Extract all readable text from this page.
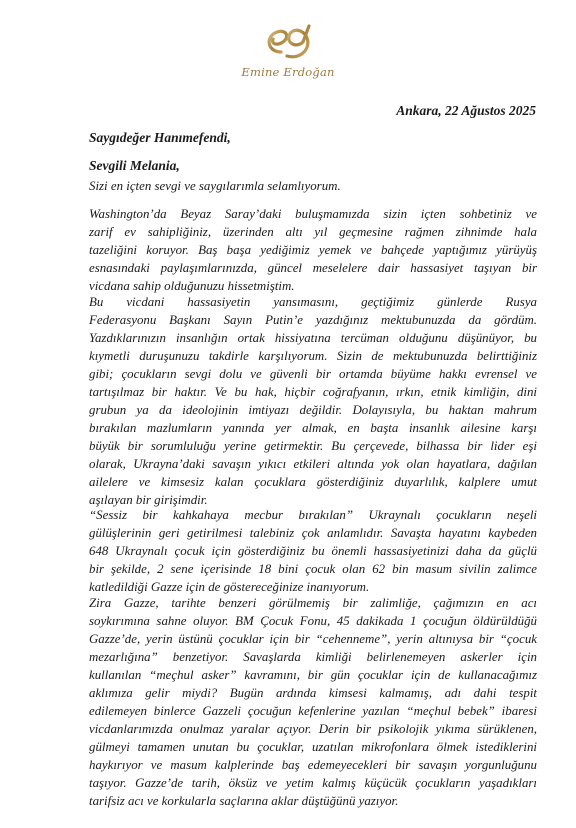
Emine Erdoğan
Ankara, 22 Ağustos 2025
Saygıdeğer Hanımefendi,
Sevgili Melania,
Sizi en içten sevgi ve saygılarımla selamlıyorum.
Washington’da Beyaz Saray’daki buluşmamızda sizin içten sohbetiniz ve
zarif ev sahipliğiniz, üzerinden altı yıl geçmesine rağmen zihnimde hala
tazeliğini koruyor. Baş başa yediğimiz yemek ve bahçede yaptığımız yürüyüş
esnasındaki paylaşımlarınızda, güncel meselelere dair hassasiyet taşıyan bir
vicdana sahip olduğunuzu hissetmiştim.
Bu vicdani hassasiyetin yansımasını, geçtiğimiz günlerde Rusya
Federasyonu Başkanı Sayın Putin’e yazdığınız mektubunuzda da gördüm.
Yazdıklarınızın insanlığın ortak hissiyatına tercüman olduğunu düşünüyor, bu
kıymetli duruşunuzu takdirle karşılıyorum. Sizin de mektubunuzda belirttiğiniz
gibi; çocukların sevgi dolu ve güvenli bir ortamda büyüme hakkı evrensel ve
tartışılmaz bir haktır. Ve bu hak, hiçbir coğrafyanın, ırkın, etnik kimliğin, dini
grubun ya da ideolojinin imtiyazı değildir. Dolayısıyla, bu haktan mahrum
bırakılan mazlumların yanında yer almak, en başta insanlık ailesine karşı
büyük bir sorumluluğu yerine getirmektir. Bu çerçevede, bilhassa bir lider eşi
olarak, Ukrayna’daki savaşın yıkıcı etkileri altında yok olan hayatlara, dağılan
ailelere ve kimsesiz kalan çocuklara gösterdiğiniz duyarlılık, kalplere umut
aşılayan bir girişimdir.
“Sessiz bir kahkahaya mecbur bırakılan” Ukraynalı çocukların neşeli
gülüşlerinin geri getirilmesi talebiniz çok anlamlıdır. Savaşta hayatını kaybeden
648 Ukraynalı çocuk için gösterdiğiniz bu önemli hassasiyetinizi daha da güçlü
bir şekilde, 2 sene içerisinde 18 bini çocuk olan 62 bin masum sivilin zalimce
katledildiği Gazze için de göstereceğinize inanıyorum.
Zira Gazze, tarihte benzeri görülmemiş bir zalimliğe, çağımızın en acı
soykırımına sahne oluyor. BM Çocuk Fonu, 45 dakikada 1 çocuğun öldürüldüğü
Gazze’de, yerin üstünü çocuklar için bir “cehenneme”, yerin altınıysa bir “çocuk
mezarlığına” benzetiyor. Savaşlarda kimliği belirlenemeyen askerler için
kullanılan “meçhul asker” kavramını, bir gün çocuklar için de kullanacağımız
aklımıza gelir miydi? Bugün ardında kimsesi kalmamış, adı dahi tespit
edilemeyen binlerce Gazzeli çocuğun kefenlerine yazılan “meçhul bebek” ibaresi
vicdanlarımızda onulmaz yaralar açıyor. Derin bir psikolojik yıkıma sürüklenen,
gülmeyi tamamen unutan bu çocuklar, uzatılan mikrofonlara ölmek istediklerini
haykırıyor ve masum kalplerinde baş edemeyecekleri bir savaşın yorgunluğunu
taşıyor. Gazze’de tarih, öksüz ve yetim kalmış küçücük çocukların yaşadıkları
tarifsiz acı ve korkularla saçlarına aklar düştüğünü yazıyor.
